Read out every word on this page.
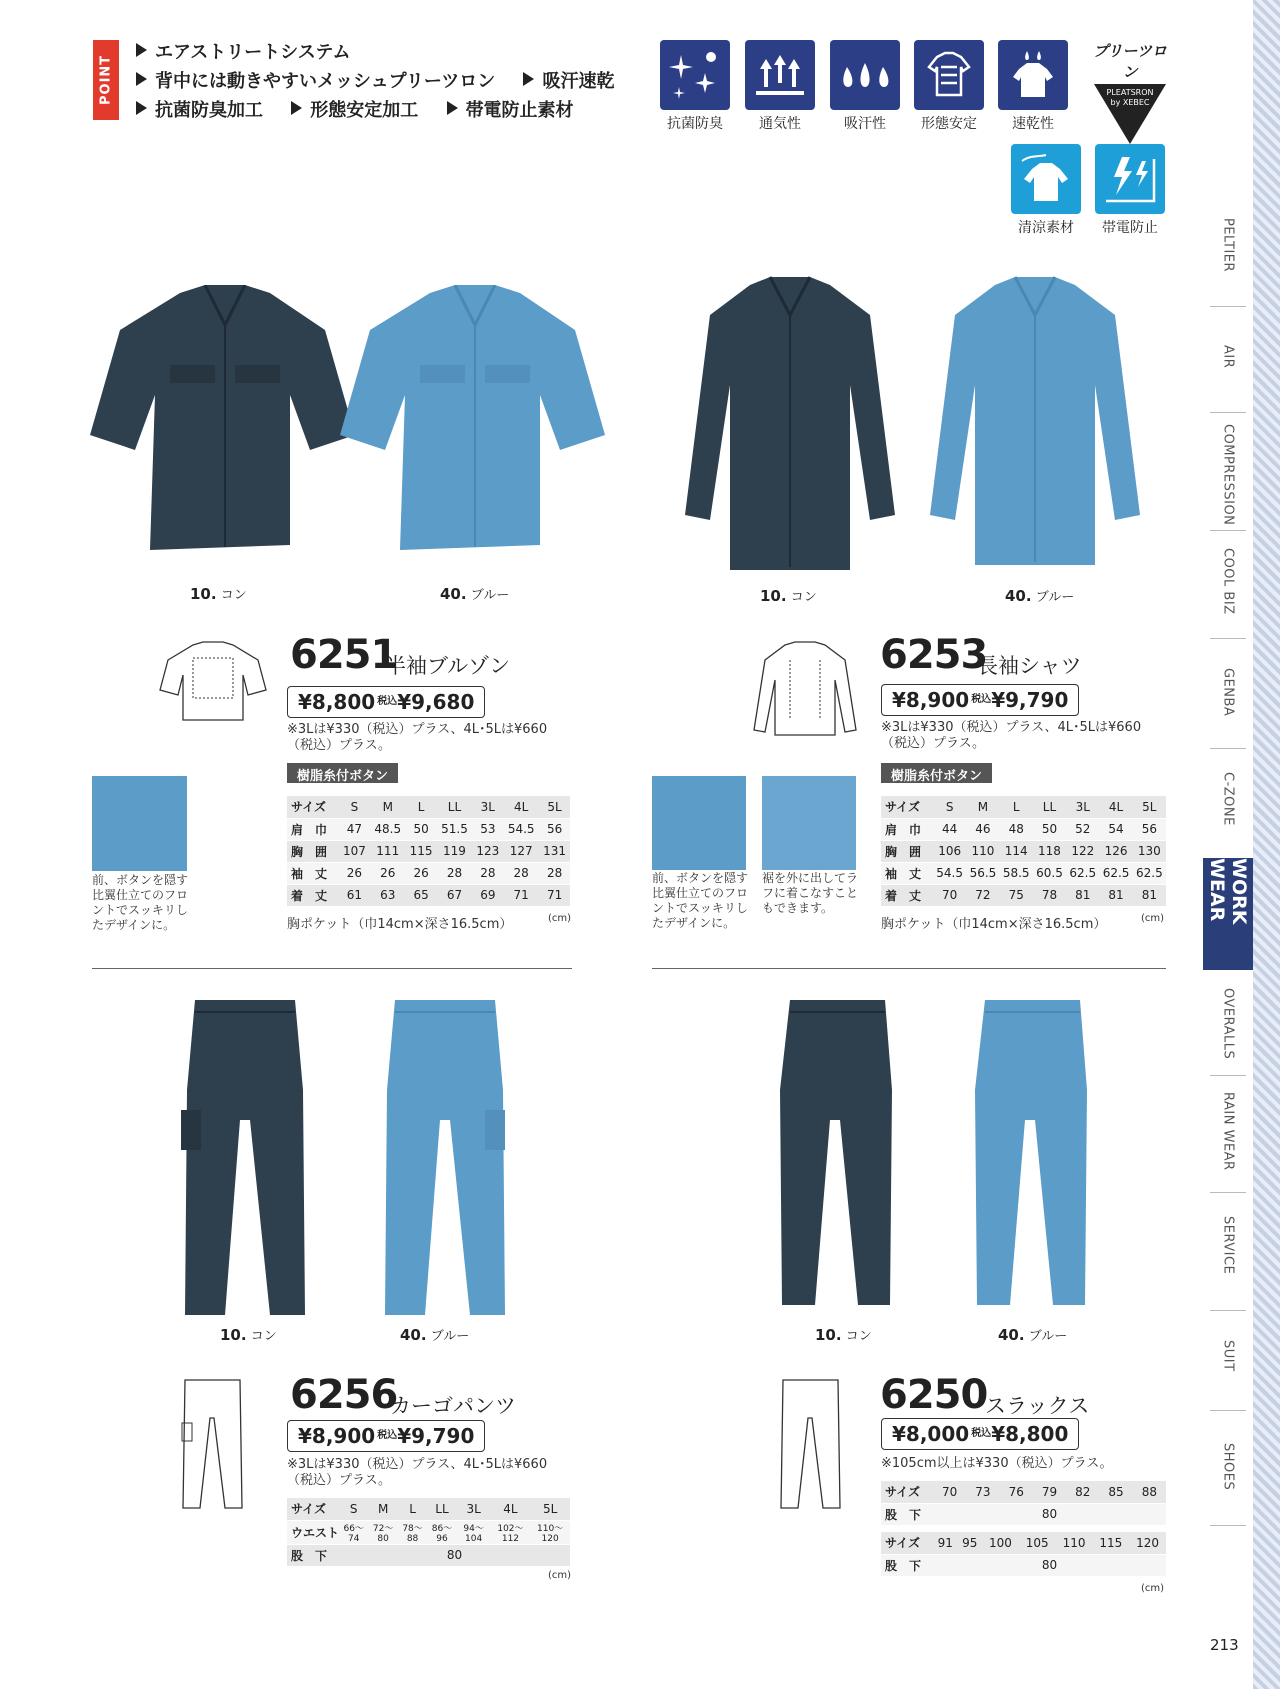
POINT
エアストリートシステム
背中には動きやすいメッシュプリーツロン	吸汗速乾
抗菌防臭加工	形態安定加工	帯電防止素材
抗菌防臭	通気性	吸汗性	形態安定	速乾性
清涼素材	帯電防止
プリーツロン
PLEATSRON
by XEBEC
PELTIER
AIR
COMPRESSION
COOL BIZ
GENBA
C-ZONE
WORK WEAR
OVERALLS
RAIN WEAR
SERVICE
SUIT
SHOES
10. コン	40. ブルー	10. コン	40. ブルー
6251
半袖ブルゾン
¥8,800 税込 ¥9,680
※3Lは¥330（税込）プラス、4L･5Lは¥660
（税込）プラス。
樹脂糸付ボタン
前、ボタンを隠す比翼仕立てのフロントでスッキリしたデザインに。
サイズ	S	M	L	LL	3L	4L	5L
肩　巾	47	48.5	50	51.5	53	54.5	56
胸　囲	107	111	115	119	123	127	131
袖　丈	26	26	26	28	28	28	28
着　丈	61	63	65	67	69	71	71
胸ポケット（巾14cm×深さ16.5cm）	(cm)
6253
長袖シャツ
¥8,900 税込 ¥9,790
※3Lは¥330（税込）プラス、4L･5Lは¥660
（税込）プラス。
樹脂糸付ボタン
前、ボタンを隠す比翼仕立てのフロントでスッキリしたデザインに。
裾を外に出してラフに着こなすこともできます。
サイズ	S	M	L	LL	3L	4L	5L
肩　巾	44	46	48	50	52	54	56
胸　囲	106	110	114	118	122	126	130
袖　丈	54.5	56.5	58.5	60.5	62.5	62.5	62.5
着　丈	70	72	75	78	81	81	81
胸ポケット（巾14cm×深さ16.5cm）	(cm)
10. コン	40. ブルー	10. コン	40. ブルー
6256
カーゴパンツ
¥8,900 税込 ¥9,790
※3Lは¥330（税込）プラス、4L･5Lは¥660
（税込）プラス。
サイズ	S	M	L	LL	3L	4L	5L
ウエスト	66〜74	72〜80	78〜88	86〜96	94〜104	102〜112	110〜120
股　下	80						
(cm)
6250
スラックス
¥8,000 税込 ¥8,800
※105cm以上は¥330（税込）プラス。
サイズ	70	73	76	79	82	85	88
股　下	80						
サイズ	91	95	100	105	110	115	120
股　下	80						
(cm)
213
